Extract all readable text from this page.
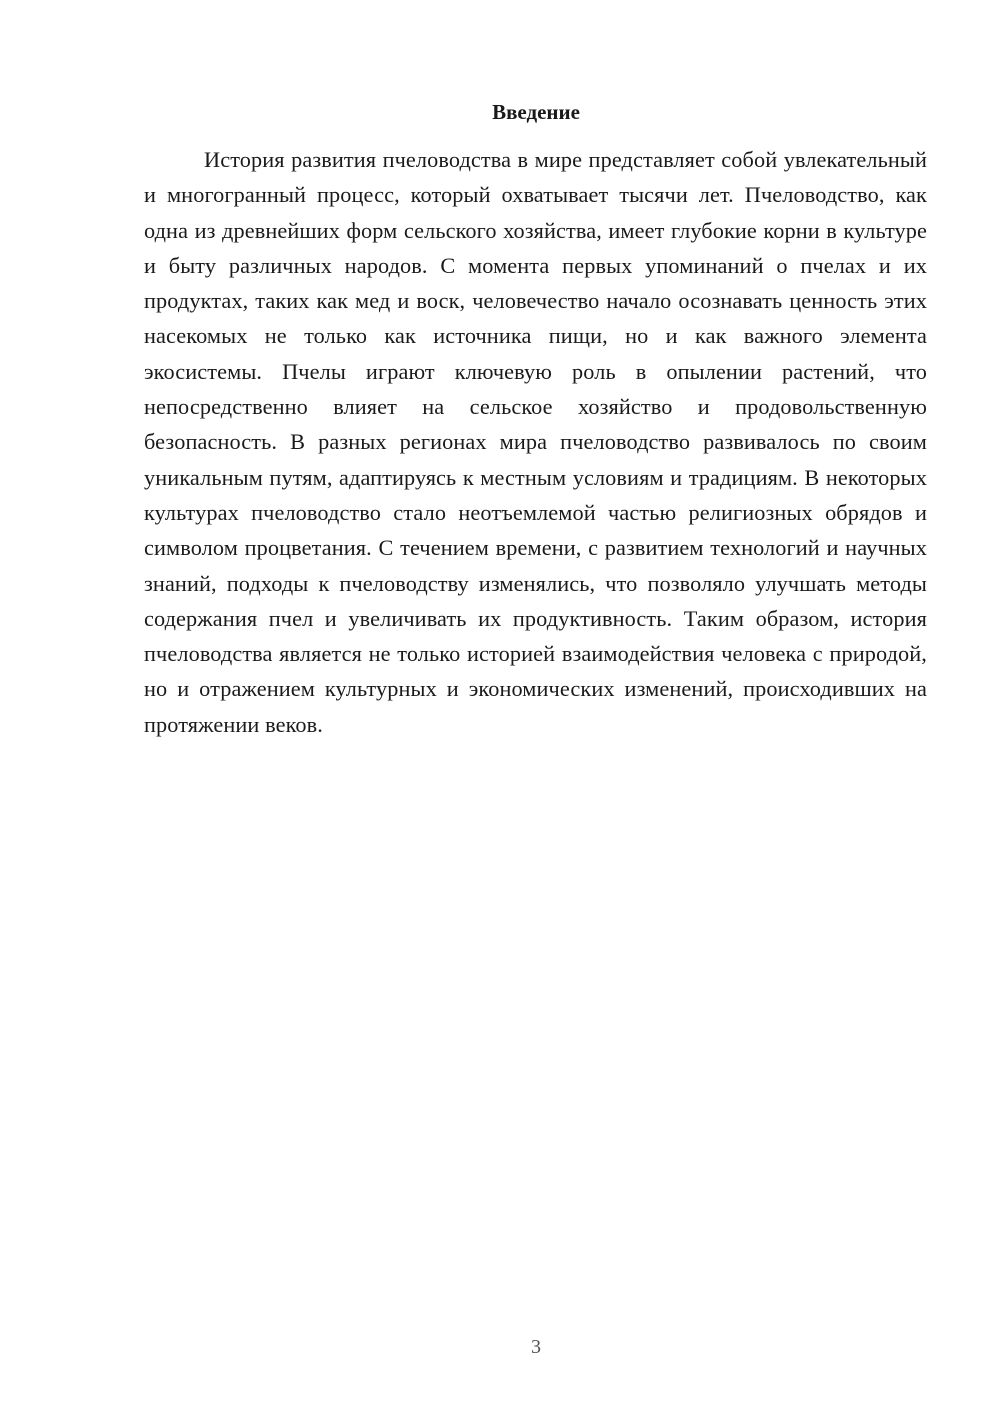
Введение

История развития пчеловодства в мире представляет собой увлекательный и многогранный процесс, который охватывает тысячи лет. Пчеловодство, как одна из древнейших форм сельского хозяйства, имеет глубокие корни в культуре и быту различных народов. С момента первых упоминаний о пчелах и их продуктах, таких как мед и воск, человечество начало осознавать ценность этих насекомых не только как источника пищи, но и как важного элемента экосистемы. Пчелы играют ключевую роль в опылении растений, что непосредственно влияет на сельское хозяйство и продовольственную безопасность. В разных регионах мира пчеловодство развивалось по своим уникальным путям, адаптируясь к местным условиям и традициям. В некоторых культурах пчеловодство стало неотъемлемой частью религиозных обрядов и символом процветания. С течением времени, с развитием технологий и научных знаний, подходы к пчеловодству изменялись, что позволяло улучшать методы содержания пчел и увеличивать их продуктивность. Таким образом, история пчеловодства является не только историей взаимодействия человека с природой, но и отражением культурных и экономических изменений, происходивших на протяжении веков.

3
